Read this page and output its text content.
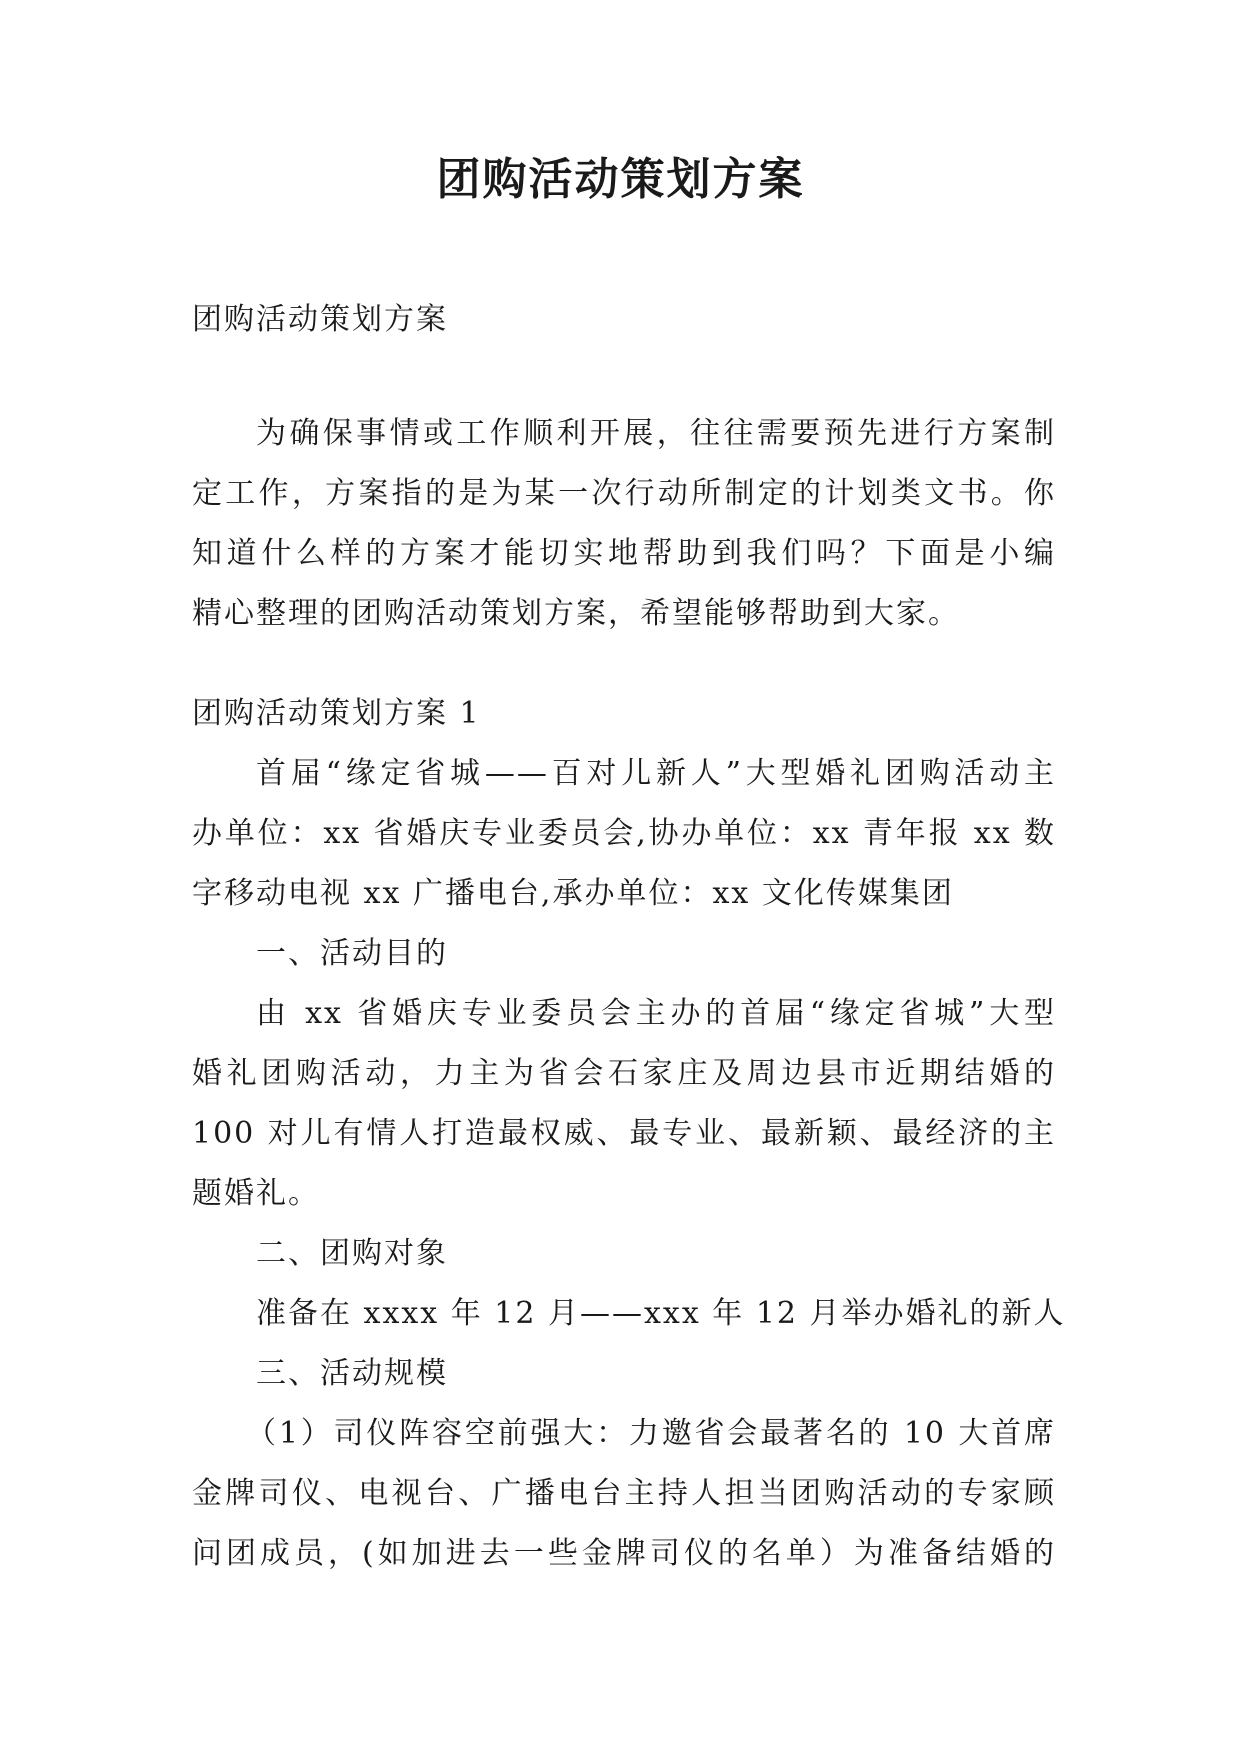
团购活动策划方案

团购活动策划方案

为确保事情或工作顺利开展，往往需要预先进行方案制

定工作，方案指的是为某一次行动所制定的计划类文书。你

知道什么样的方案才能切实地帮助到我们吗？下面是小编

精心整理的团购活动策划方案，希望能够帮助到大家。

团购活动策划方案 1

首届“缘定省城——百对儿新人”大型婚礼团购活动主

办单位：xx 省婚庆专业委员会,协办单位：xx 青年报 xx 数

字移动电视 xx 广播电台,承办单位：xx 文化传媒集团

一、活动目的

由 xx 省婚庆专业委员会主办的首届“缘定省城”大型

婚礼团购活动，力主为省会石家庄及周边县市近期结婚的

100 对儿有情人打造最权威、最专业、最新颖、最经济的主

题婚礼。

二、团购对象

准备在 xxxx 年 12 月——xxx 年 12 月举办婚礼的新人

三、活动规模

（1）司仪阵容空前强大：力邀省会最著名的 10 大首席

金牌司仪、电视台、广播电台主持人担当团购活动的专家顾

问团成员，(如加进去一些金牌司仪的名单）为准备结婚的
